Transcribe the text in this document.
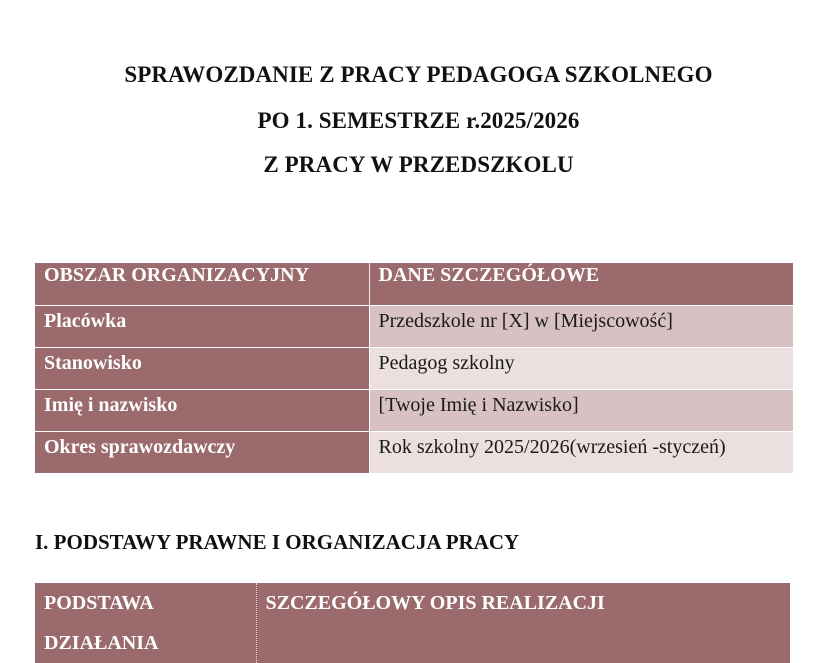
SPRAWOZDANIE Z PRACY PEDAGOGA SZKOLNEGO
PO 1. SEMESTRZE r.2025/2026
Z PRACY W PRZEDSZKOLU
OBSZAR ORGANIZACYJNY	DANE SZCZEGÓŁOWE
Placówka	Przedszkole nr [X] w [Miejscowość]
Stanowisko	Pedagog szkolny
Imię i nazwisko	[Twoje Imię i Nazwisko]
Okres sprawozdawczy	Rok szkolny 2025/2026(wrzesień -styczeń)
I. PODSTAWY PRAWNE I ORGANIZACJA PRACY
PODSTAWA DZIAŁANIA	SZCZEGÓŁOWY OPIS REALIZACJI
